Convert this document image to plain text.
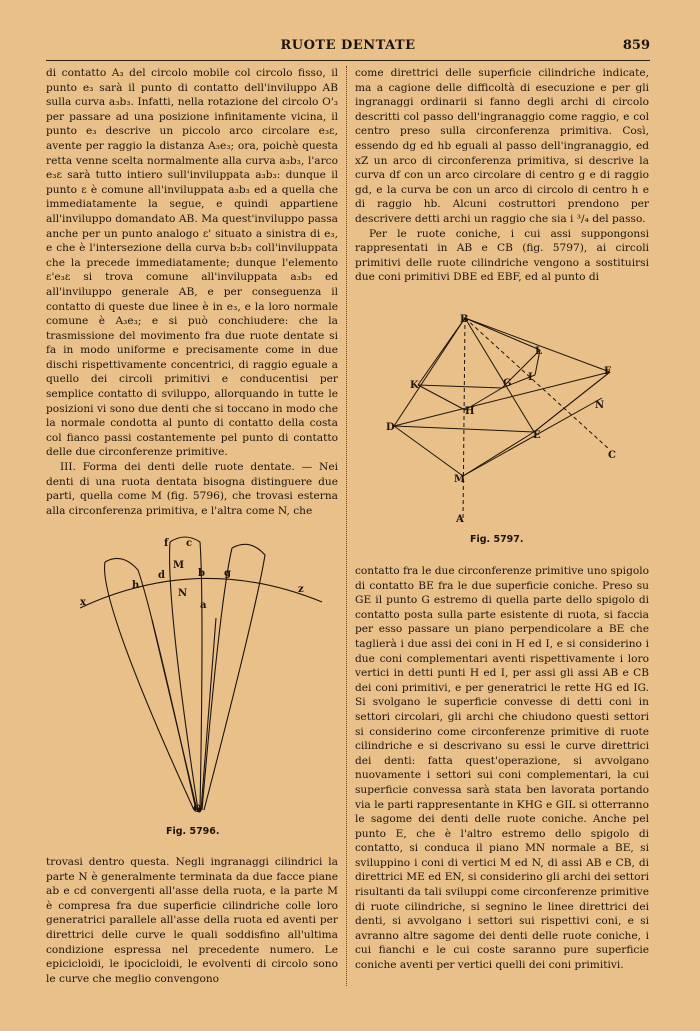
RUOTE DENTATE	859

di contatto A₃ del circolo mobile col circolo fisso, il punto e₃ sarà il punto di contatto dell'inviluppo AB sulla curva a₃b₃. Infatti, nella rotazione del circolo O'₃ per passare ad una posizione infinitamente vicina, il punto e₃ descrive un piccolo arco circolare e₃ε, avente per raggio la distanza A₃e₃; ora, poichè questa retta venne scelta normalmente alla curva a₃b₃, l'arco e₃ε sarà tutto intiero sull'inviluppata a₃b₃: dunque il punto ε è comune all'inviluppata a₃b₃ ed a quella che immediatamente la segue, e quindi appartiene all'inviluppo domandato AB. Ma quest'inviluppo passa anche per un punto analogo ε' situato a sinistra di e₃, e che è l'intersezione della curva b₂b₃ coll'inviluppata che la precede immediatamente; dunque l'elemento ε'e₃ε si trova comune all'inviluppata a₃b₃ ed all'inviluppo generale AB, e per conseguenza il contatto di queste due linee è in e₃, e la loro normale comune è A₃e₃; e si può conchiudere: che la trasmissione del movimento fra due ruote dentate si fa in modo uniforme e precisamente come in due dischi rispettivamente concentrici, di raggio eguale a quello dei circoli primitivi e conducentisi per semplice contatto di sviluppo, allorquando in tutte le posizioni vi sono due denti che si toccano in modo che la normale condotta al punto di contatto della costa col fianco passi costantemente pel punto di contatto delle due circonferenze primitive.

III. Forma dei denti delle ruote dentate. — Nei denti di una ruota dentata bisogna distinguere due parti, quella come M (fig. 5796), che trovasi esterna alla circonferenza primitiva, e l'altra come N, che

come direttrici delle superficie cilindriche indicate, ma a cagione delle difficoltà di esecuzione e per gli ingranaggi ordinarii si fanno degli archi di circolo descritti col passo dell'ingranaggio come raggio, e col centro preso sulla circonferenza primitiva. Così, essendo dg ed hb eguali al passo dell'ingranaggio, ed xZ un arco di circonferenza primitiva, si descrive la curva df con un arco circolare di centro g e di raggio gd, e la curva be con un arco di circolo di centro h e di raggio hb. Alcuni costruttori prendono per descrivere detti archi un raggio che sia i ³/₄ del passo.

Per le ruote coniche, i cui assi suppongonsi rappresentati in AB e CB (fig. 5797), ai circoli primitivi delle ruote cilindriche vengono a sostituirsi due coni primitivi DBE ed EBF, ed al punto di

f c
M
N
h
d	b g
a
x
z
O
Fig. 5796.
B
L
F
K	G
I
H
N
D
E
C
M
A
Fig. 5797.

trovasi dentro questa. Negli ingranaggi cilindrici la parte N è generalmente terminata da due facce piane ab e cd convergenti all'asse della ruota, e la parte M è compresa fra due superficie cilindriche colle loro generatrici parallele all'asse della ruota ed aventi per direttrici delle curve le quali soddisfino all'ultima condizione espressa nel precedente numero. Le epicicloidi, le ipocicloidi, le evolventi di circolo sono le curve che meglio convengono

contatto fra le due circonferenze primitive uno spigolo di contatto BE fra le due superficie coniche. Preso su GE il punto G estremo di quella parte dello spigolo di contatto posta sulla parte esistente di ruota, si faccia per esso passare un piano perpendicolare a BE che taglierà i due assi dei coni in H ed I, e si considerino i due coni complementari aventi rispettivamente i loro vertici in detti punti H ed I, per assi gli assi AB e CB dei coni primitivi, e per generatrici le rette HG ed IG. Si svolgano le superficie convesse di detti coni in settori circolari, gli archi che chiudono questi settori si considerino come circonferenze primitive di ruote cilindriche e si descrivano su essi le curve direttrici dei denti: fatta quest'operazione, si avvolgano nuovamente i settori sui coni complementari, la cui superficie convessa sarà stata ben lavorata portando via le parti rappresentante in KHG e GIL si otterranno le sagome dei denti delle ruote coniche. Anche pel punto E, che è l'altro estremo dello spigolo di contatto, si conduca il piano MN normale a BE, si sviluppino i coni di vertici M ed N, di assi AB e CB, di direttrici ME ed EN, si considerino gli archi dei settori risultanti da tali sviluppi come circonferenze primitive di ruote cilindriche, si segnino le linee direttrici dei denti, si avvolgano i settori sui rispettivi coni, e si avranno altre sagome dei denti delle ruote coniche, i cui fianchi e le cui coste saranno pure superficie coniche aventi per vertici quelli dei coni primitivi.
